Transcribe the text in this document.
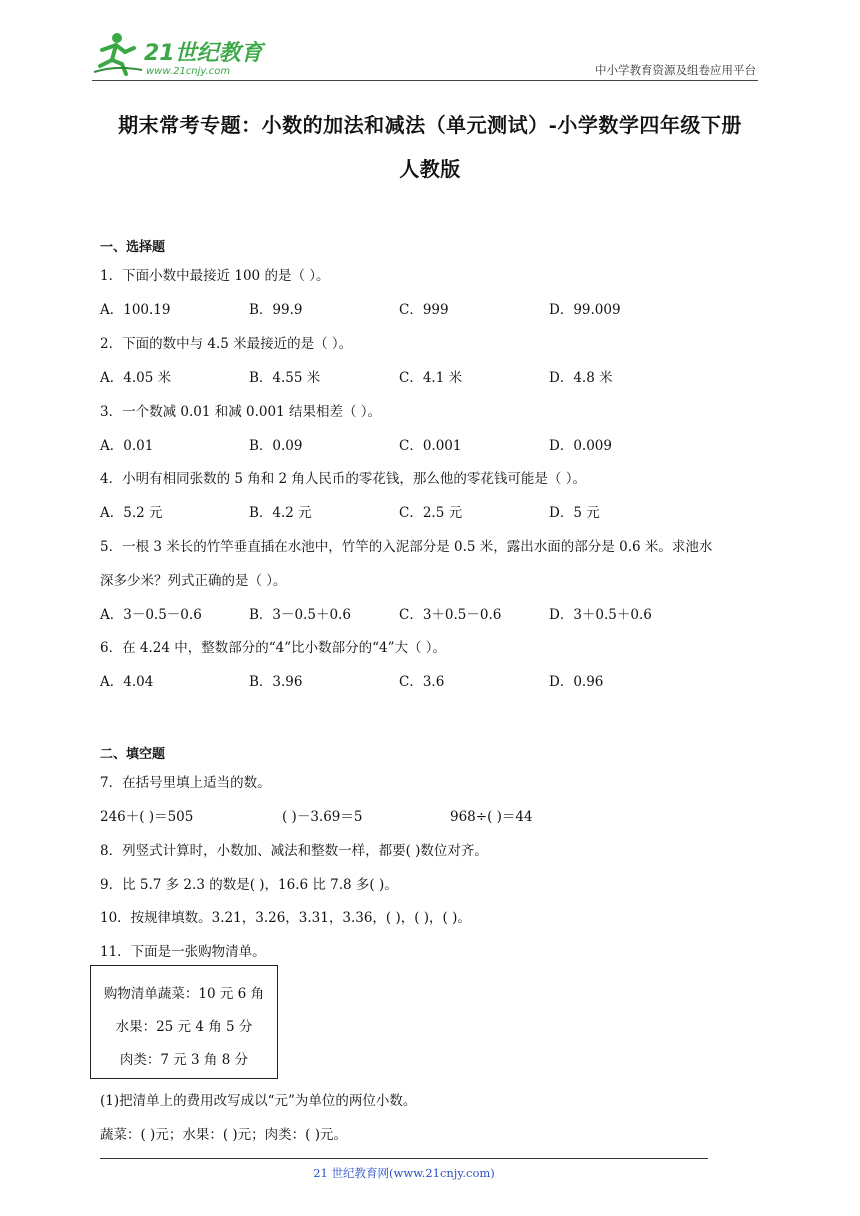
21世纪教育
www.21cnjy.com	中小学教育资源及组卷应用平台
期末常考专题：小数的加法和减法（单元测试）-小学数学四年级下册
人教版
一、选择题
1．下面小数中最接近 100 的是（ ）。
A．100.19	B．99.9	C．999	D．99.009
2．下面的数中与 4.5 米最接近的是（ ）。
A．4.05 米	B．4.55 米	C．4.1 米	D．4.8 米
3．一个数减 0.01 和减 0.001 结果相差（ ）。
A．0.01	B．0.09	C．0.001	D．0.009
4．小明有相同张数的 5 角和 2 角人民币的零花钱，那么他的零花钱可能是（ ）。
A．5.2 元	B．4.2 元	C．2.5 元	D．5 元
5．一根 3 米长的竹竿垂直插在水池中，竹竿的入泥部分是 0.5 米，露出水面的部分是 0.6 米。求池水
深多少米？列式正确的是（ ）。
A．3－0.5－0.6	B．3－0.5＋0.6	C．3＋0.5－0.6	D．3＋0.5＋0.6
6．在 4.24 中，整数部分的“4”比小数部分的“4”大（ ）。
A．4.04	B．3.96	C．3.6	D．0.96
二、填空题
7．在括号里填上适当的数。
246＋( )＝505	( )－3.69＝5	968÷( )＝44
8．列竖式计算时，小数加、减法和整数一样，都要( )数位对齐。
9．比 5.7 多 2.3 的数是( )，16.6 比 7.8 多( )。
10．按规律填数。3.21，3.26，3.31，3.36，( )，( )，( )。
11．下面是一张购物清单。
购物清单蔬菜：10 元 6 角
水果：25 元 4 角 5 分
肉类：7 元 3 角 8 分
(1)把清单上的费用改写成以“元”为单位的两位小数。
蔬菜：( )元；水果：( )元；肉类：( )元。
21 世纪教育网(www.21cnjy.com)
